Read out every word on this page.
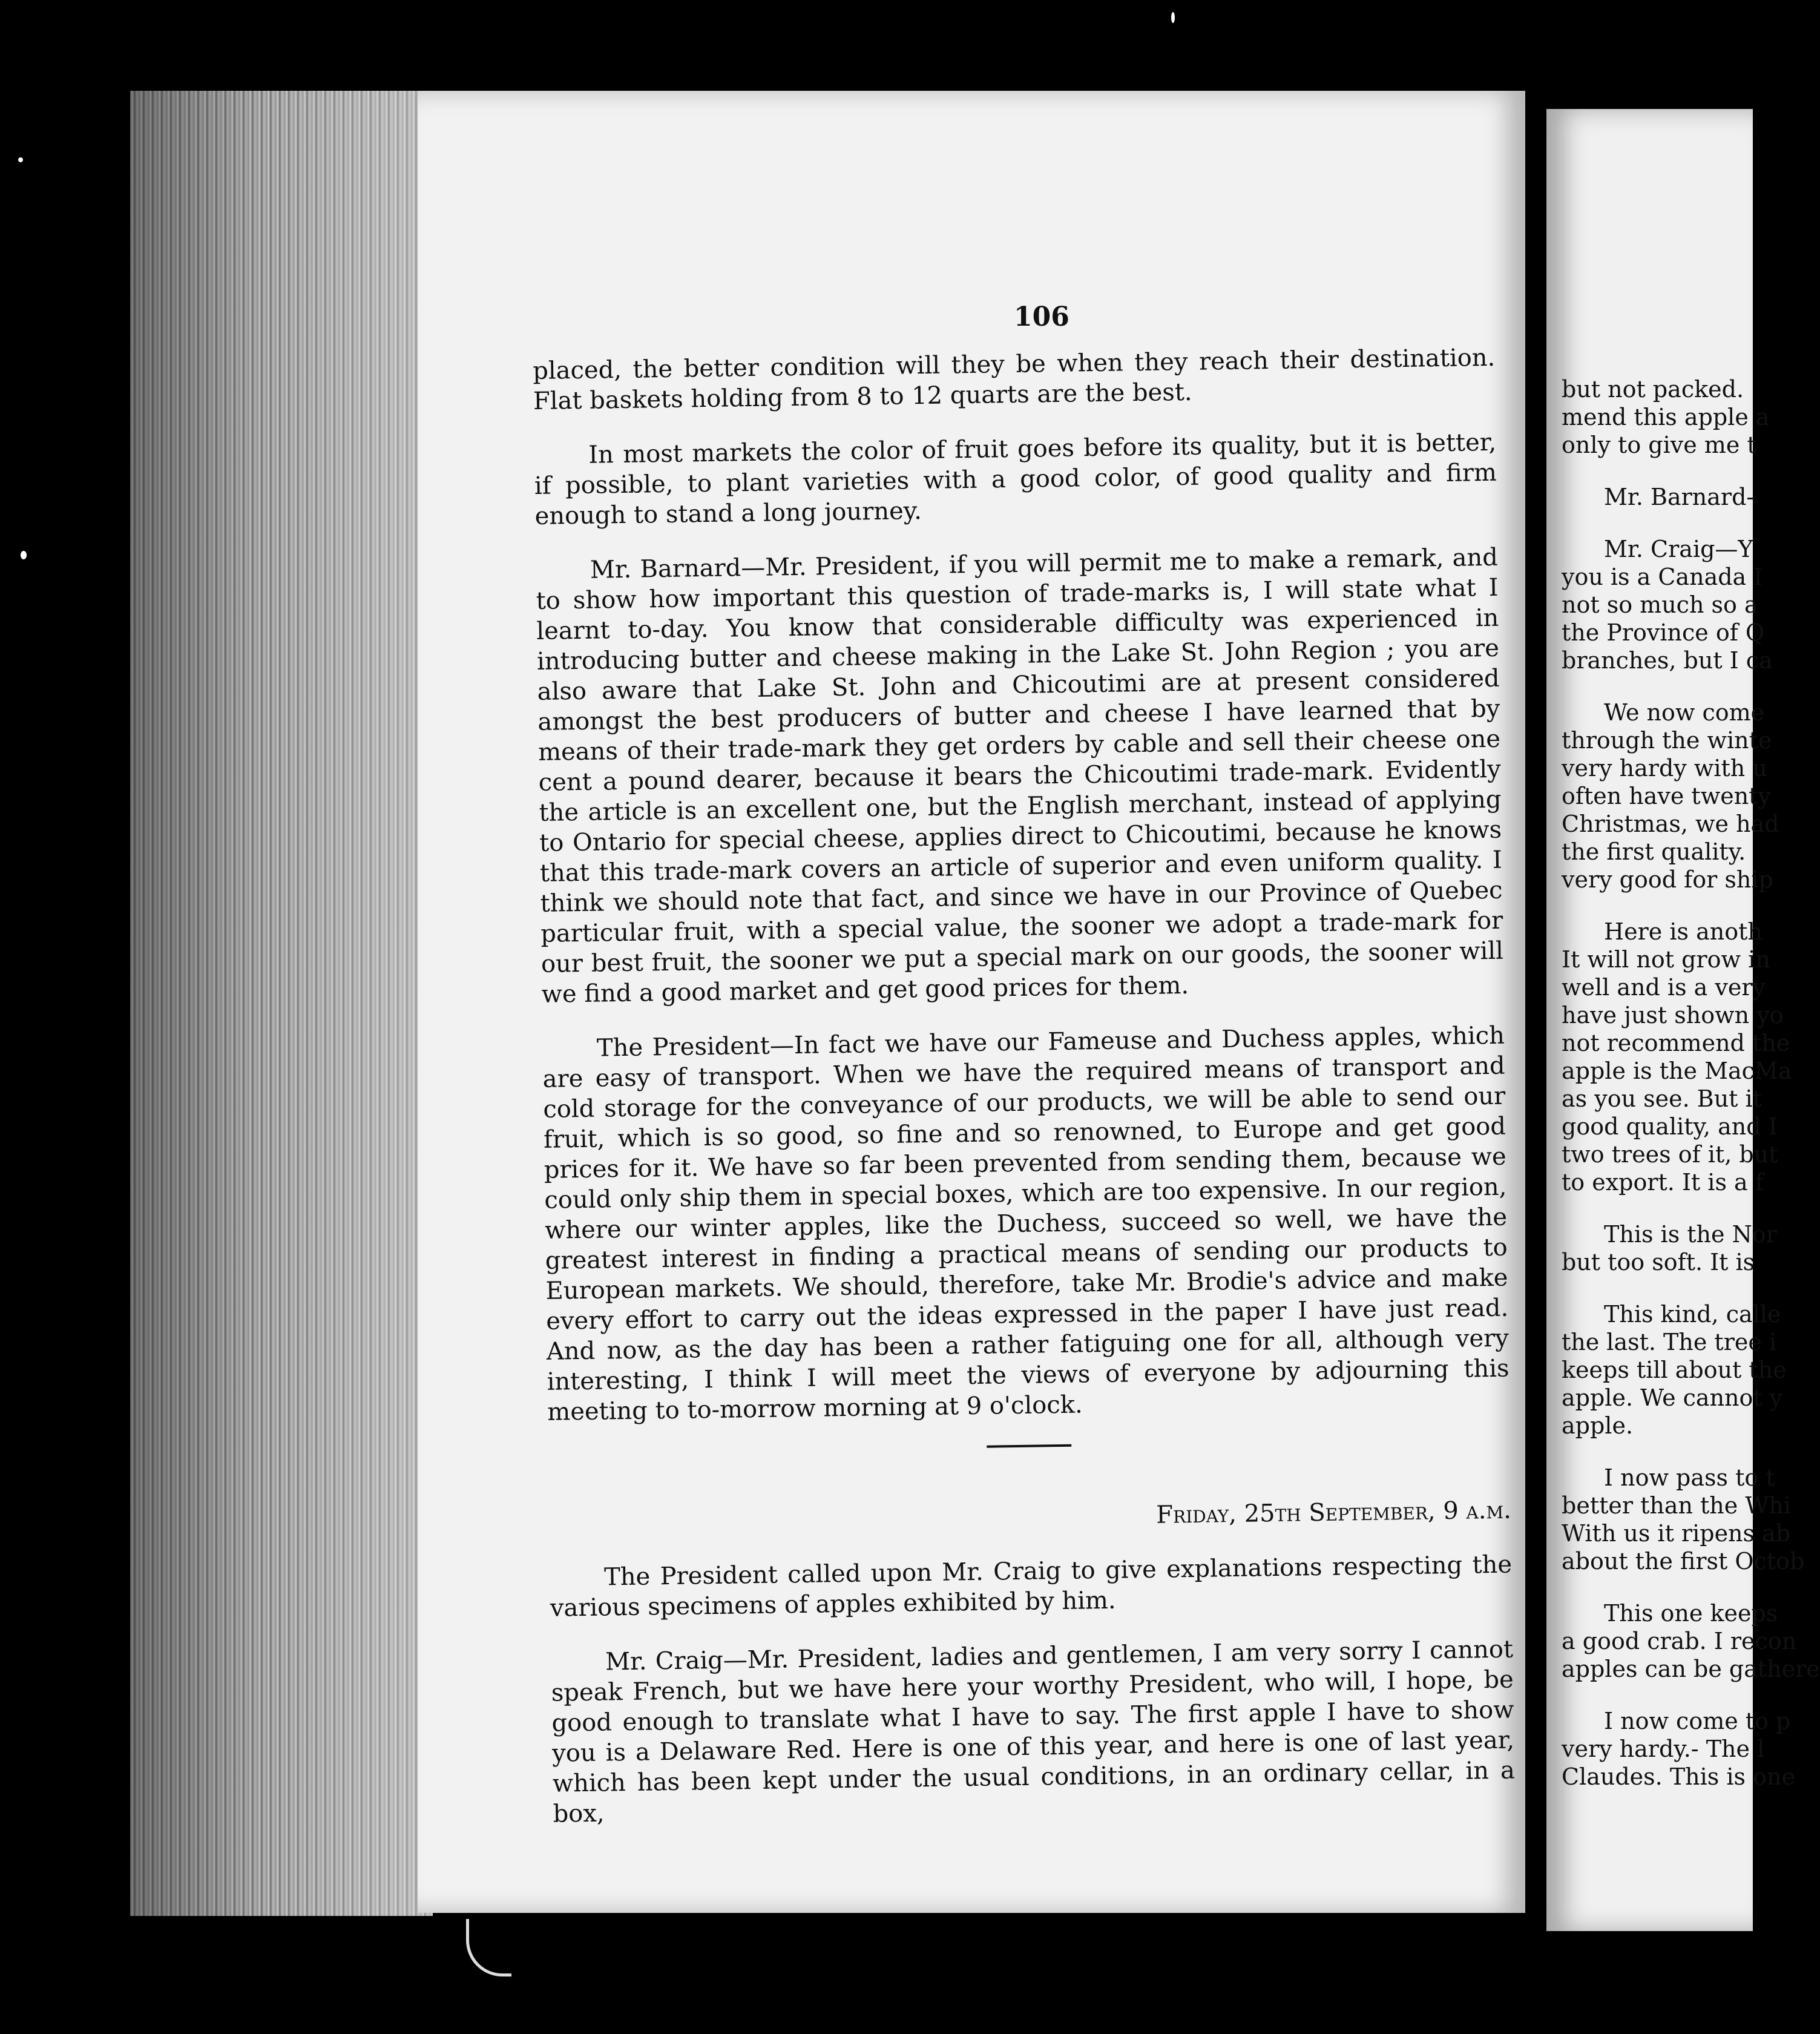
106

placed, the better condition will they be when they reach their destination. Flat baskets holding from 8 to 12 quarts are the best.

In most markets the color of fruit goes before its quality, but it is better, if possible, to plant varieties with a good color, of good quality and firm enough to stand a long journey.

Mr. Barnard—Mr. President, if you will permit me to make a remark, and to show how important this question of trade-marks is, I will state what I learnt to-day. You know that considerable difficulty was experienced in introducing butter and cheese making in the Lake St. John Region ; you are also aware that Lake St. John and Chicoutimi are at present considered amongst the best producers of butter and cheese I have learned that by means of their trade-mark they get orders by cable and sell their cheese one cent a pound dearer, because it bears the Chicoutimi trade-mark. Evidently the article is an excellent one, but the English merchant, instead of applying to Ontario for special cheese, applies direct to Chicoutimi, because he knows that this trade-mark covers an article of superior and even uniform quality. I think we should note that fact, and since we have in our Province of Quebec particular fruit, with a special value, the sooner we adopt a trade-mark for our best fruit, the sooner we put a special mark on our goods, the sooner will we find a good market and get good prices for them.

The President—In fact we have our Fameuse and Duchess apples, which are easy of transport. When we have the required means of transport and cold storage for the conveyance of our products, we will be able to send our fruit, which is so good, so fine and so renowned, to Europe and get good prices for it. We have so far been prevented from sending them, because we could only ship them in special boxes, which are too expensive. In our region, where our winter apples, like the Duchess, succeed so well, we have the greatest interest in finding a practical means of sending our products to European markets. We should, therefore, take Mr. Brodie's advice and make every effort to carry out the ideas expressed in the paper I have just read. And now, as the day has been a rather fatiguing one for all, although very interesting, I think I will meet the views of everyone by adjourning this meeting to to-morrow morning at 9 o'clock.

Friday, 25th September, 9 a.m.

The President called upon Mr. Craig to give explanations respecting the various specimens of apples exhibited by him.

Mr. Craig—Mr. President, ladies and gentlemen, I am very sorry I cannot speak French, but we have here your worthy President, who will, I hope, be good enough to translate what I have to say. The first apple I have to show you is a Delaware Red. Here is one of this year, and here is one of last year, which has been kept under the usual conditions, in an ordinary cellar, in a box,

but not packed.
mend this apple a
only to give me t
Mr. Barnard-
Mr. Craig—Y
you is a Canada I
not so much so a
the Province of Q
branches, but I ca
We now come
through the winte
very hardy with u
often have twenty
Christmas, we had
the first quality.
very good for ship
Here is anoth
It will not grow in
well and is a very
have just shown yo
not recommend the
apple is the MacMa
as you see. But it
good quality, and I
two trees of it, but
to export. It is a f
This is the Nor
but too soft. It is
This kind, calle
the last. The tree i
keeps till about the
apple. We cannot y
apple.
I now pass to t
better than the Whi
With us it ripens ab
about the first Octob
This one keeps
a good crab. I recon
apples can be gathere
I now come to p
very hardy.- The l
Claudes. This is one
